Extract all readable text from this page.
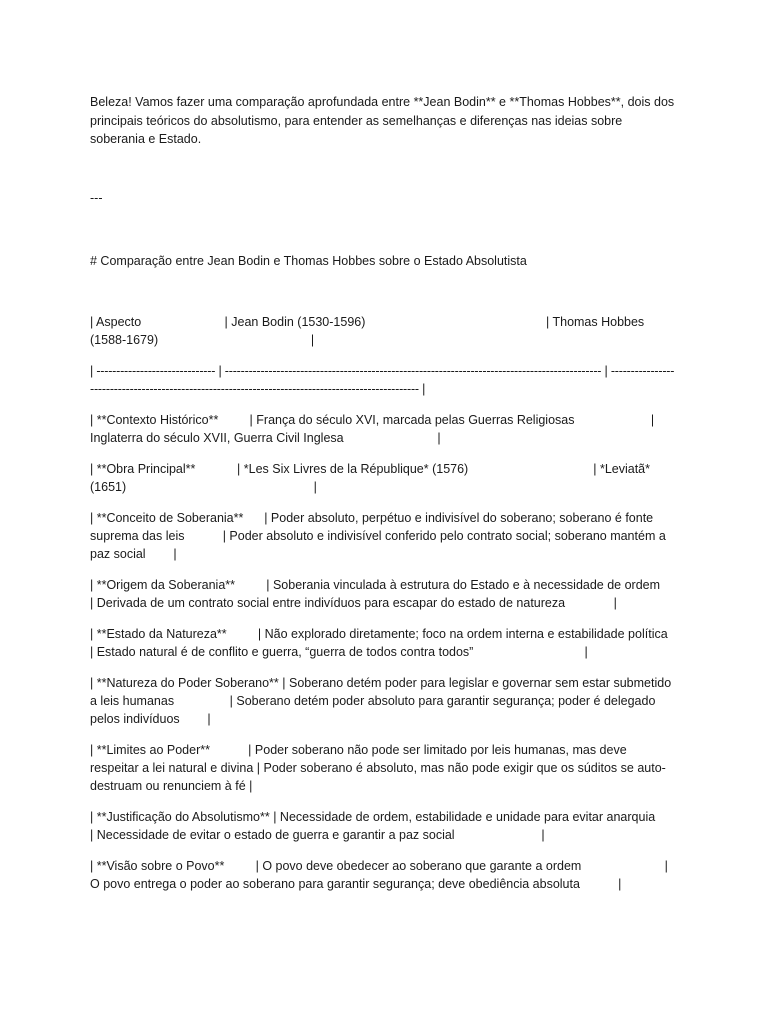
Beleza! Vamos fazer uma comparação aprofundada entre **Jean Bodin** e **Thomas Hobbes**, dois dos principais teóricos do absolutismo, para entender as semelhanças e diferenças nas ideias sobre soberania e Estado.
---
# Comparação entre Jean Bodin e Thomas Hobbes sobre o Estado Absolutista
| Aspecto                        | Jean Bodin (1530-1596)                                                    | Thomas Hobbes (1588-1679)                                            |
| ------------------------------ | ----------------------------------------------------------------------------------------------- | --------------------------------------------------------------------------------------------------- |
| **Contexto Histórico**         | França do século XVI, marcada pelas Guerras Religiosas                      | Inglaterra do século XVII, Guerra Civil Inglesa                           |
| **Obra Principal**            | *Les Six Livres de la République* (1576)                                    | *Leviatã* (1651)                                                      |
| **Conceito de Soberania**      | Poder absoluto, perpétuo e indivisível do soberano; soberano é fonte suprema das leis           | Poder absoluto e indivisível conferido pelo contrato social; soberano mantém a paz social        |
| **Origem da Soberania**         | Soberania vinculada à estrutura do Estado e à necessidade de ordem          | Derivada de um contrato social entre indivíduos para escapar do estado de natureza              |
| **Estado da Natureza**         | Não explorado diretamente; foco na ordem interna e estabilidade política                        | Estado natural é de conflito e guerra, “guerra de todos contra todos”                                |
| **Natureza do Poder Soberano** | Soberano detém poder para legislar e governar sem estar submetido a leis humanas                | Soberano detém poder absoluto para garantir segurança; poder é delegado pelos indivíduos        |
| **Limites ao Poder**           | Poder soberano não pode ser limitado por leis humanas, mas deve respeitar a lei natural e divina | Poder soberano é absoluto, mas não pode exigir que os súditos se auto-destruam ou renunciem à fé |
| **Justificação do Absolutismo** | Necessidade de ordem, estabilidade e unidade para evitar anarquia         | Necessidade de evitar o estado de guerra e garantir a paz social                         |
| **Visão sobre o Povo**         | O povo deve obedecer ao soberano que garante a ordem                        | O povo entrega o poder ao soberano para garantir segurança; deve obediência absoluta           |
